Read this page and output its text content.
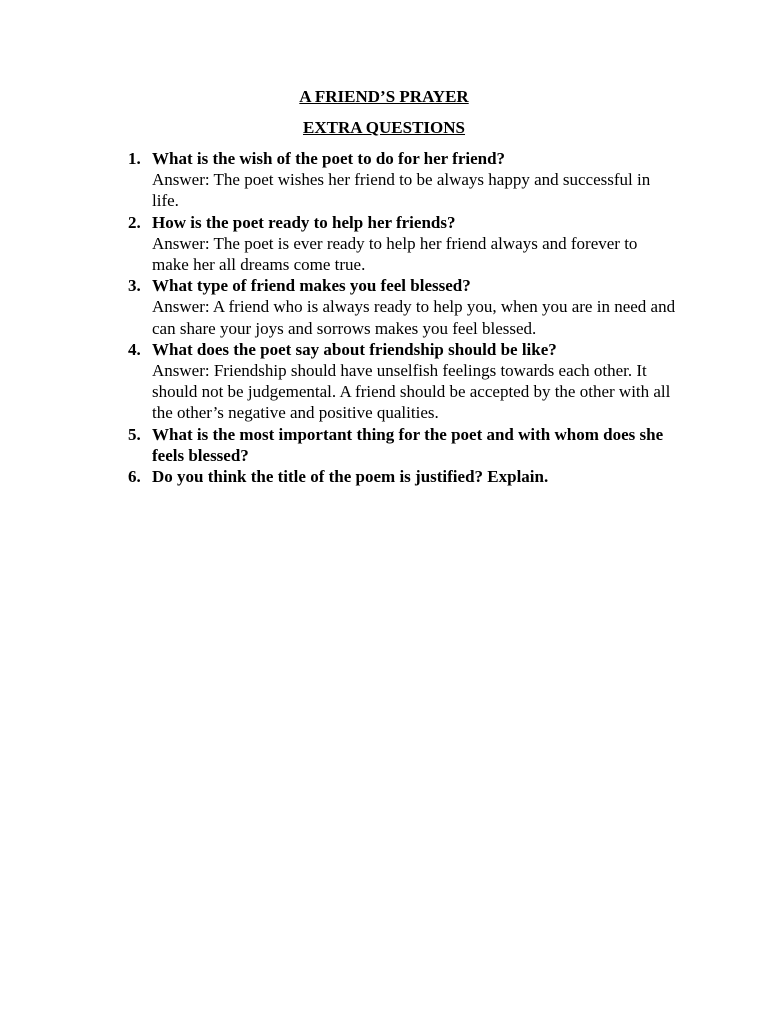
A FRIEND’S PRAYER
EXTRA QUESTIONS
1. What is the wish of the poet to do for her friend?
Answer: The poet wishes her friend to be always happy and successful in life.
2. How is the poet ready to help her friends?
Answer: The poet is ever ready to help her friend always and forever to make her all dreams come true.
3. What type of friend makes you feel blessed?
Answer: A friend who is always ready to help you, when you are in need and can share your joys and sorrows makes you feel blessed.
4. What does the poet say about friendship should be like?
Answer: Friendship should have unselfish feelings towards each other. It should not be judgemental. A friend should be accepted by the other with all the other’s negative and positive qualities.
5. What is the most important thing for the poet and with whom does she feels blessed?
6. Do you think the title of the poem is justified? Explain.
